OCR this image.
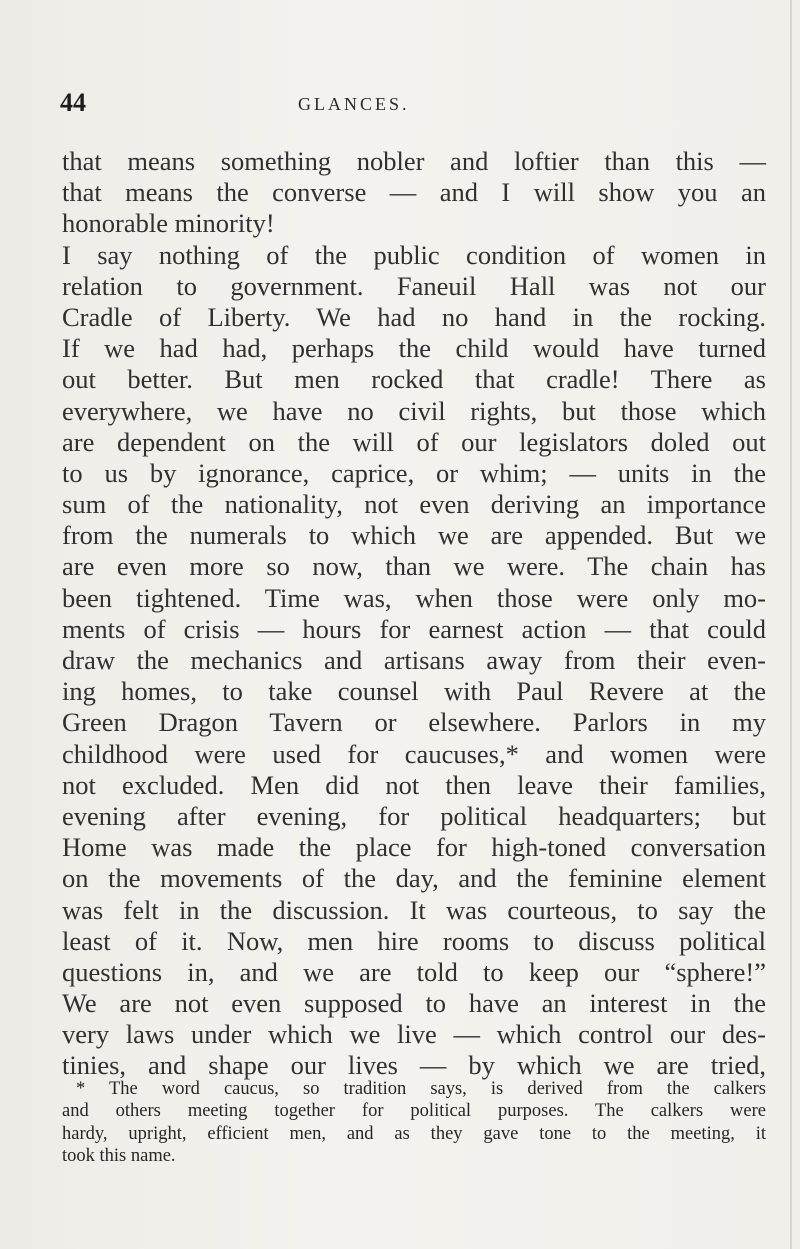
44	GLANCES.
that means something nobler and loftier than this —
that means the converse — and I will show you an
honorable minority!
I say nothing of the public condition of women in
relation to government. Faneuil Hall was not our
Cradle of Liberty. We had no hand in the rocking.
If we had had, perhaps the child would have turned
out better. But men rocked that cradle! There as
everywhere, we have no civil rights, but those which
are dependent on the will of our legislators doled out
to us by ignorance, caprice, or whim; — units in the
sum of the nationality, not even deriving an importance
from the numerals to which we are appended. But we
are even more so now, than we were. The chain has
been tightened. Time was, when those were only mo-
ments of crisis — hours for earnest action — that could
draw the mechanics and artisans away from their even-
ing homes, to take counsel with Paul Revere at the
Green Dragon Tavern or elsewhere. Parlors in my
childhood were used for caucuses,* and women were
not excluded. Men did not then leave their families,
evening after evening, for political headquarters; but
Home was made the place for high-toned conversation
on the movements of the day, and the feminine element
was felt in the discussion. It was courteous, to say the
least of it. Now, men hire rooms to discuss political
questions in, and we are told to keep our “sphere!”
We are not even supposed to have an interest in the
very laws under which we live — which control our des-
tinies, and shape our lives — by which we are tried,
* The word caucus, so tradition says, is derived from the calkers
and others meeting together for political purposes. The calkers were
hardy, upright, efficient men, and as they gave tone to the meeting, it
took this name.
